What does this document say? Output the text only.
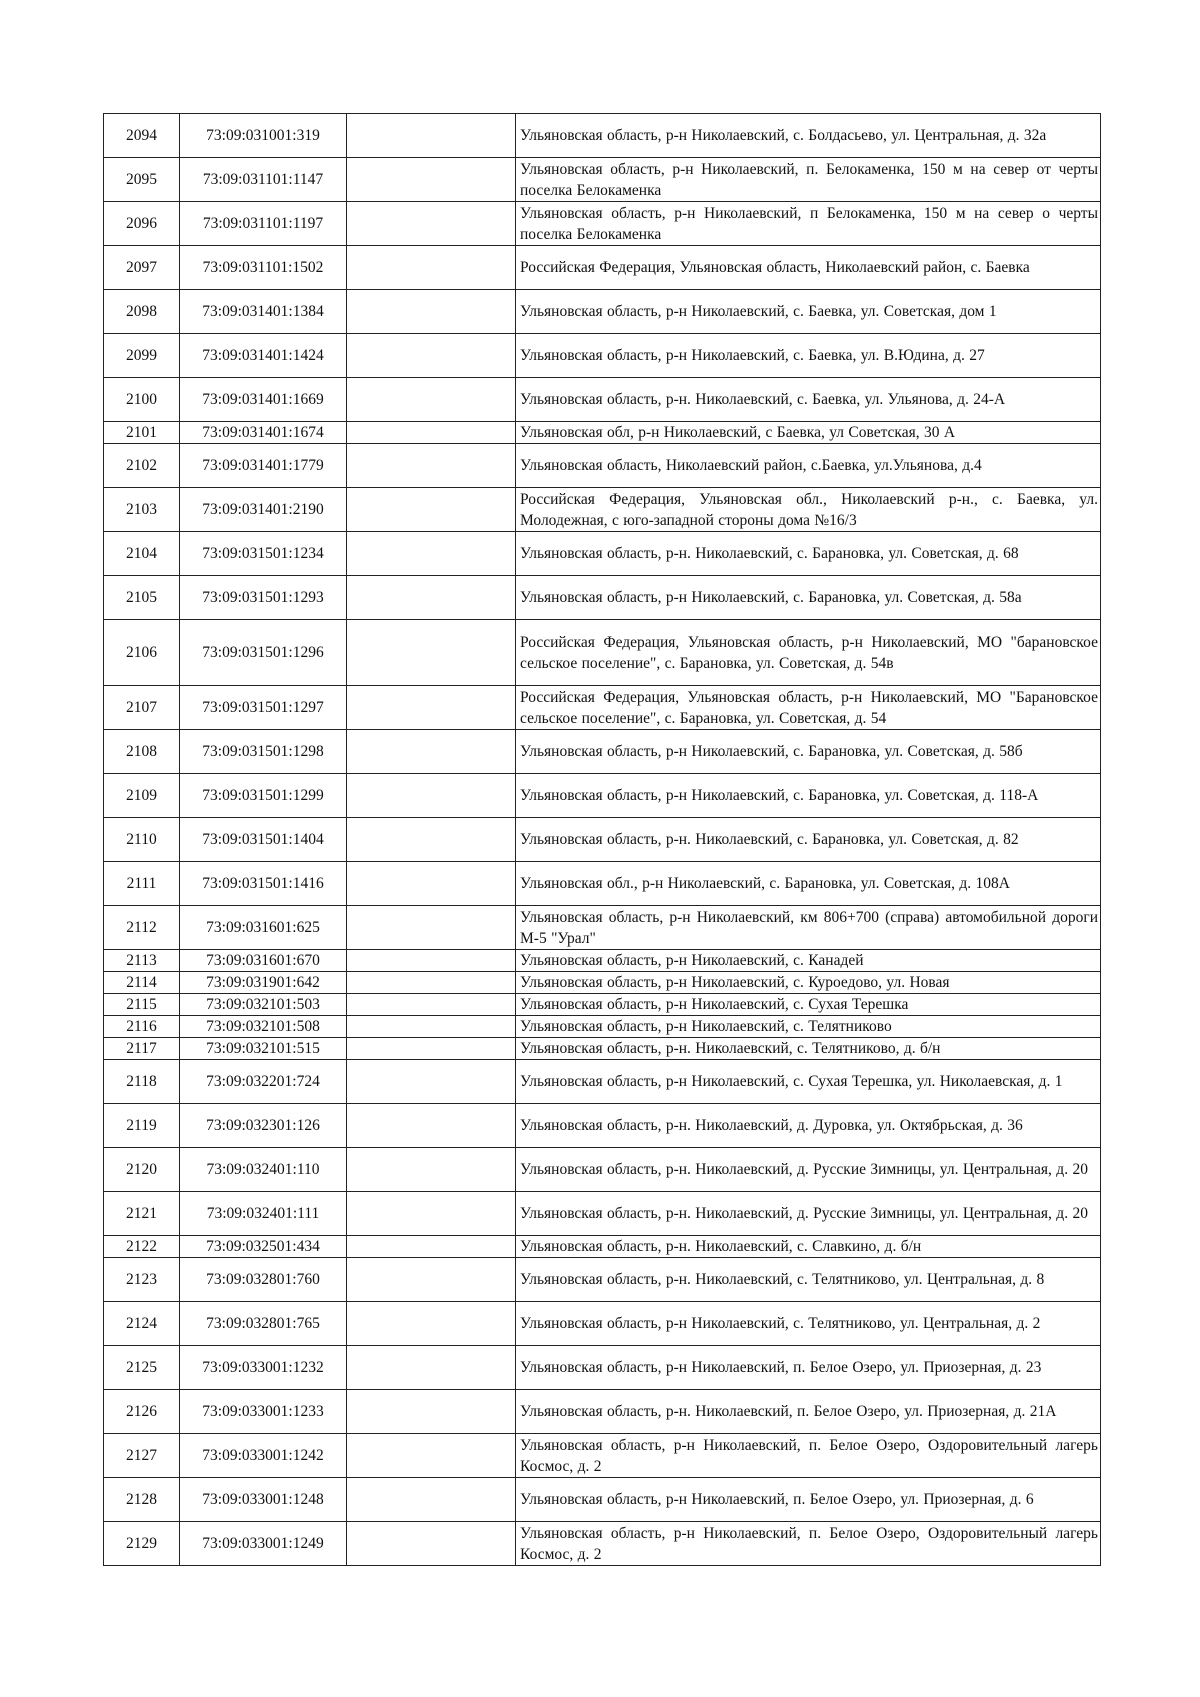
2094	73:09:031001:319		Ульяновская область, р-н Николаевский, с. Болдасьево, ул. Центральная, д. 32а
2095	73:09:031101:1147		Ульяновская область, р-н Николаевский, п. Белокаменка, 150 м на север от черты поселка Белокаменка
2096	73:09:031101:1197		Ульяновская область, р-н Николаевский, п Белокаменка, 150 м на север о черты поселка Белокаменка
2097	73:09:031101:1502		Российская Федерация, Ульяновская область, Николаевский район, с. Баевка
2098	73:09:031401:1384		Ульяновская область, р-н Николаевский, с. Баевка, ул. Советская, дом 1
2099	73:09:031401:1424		Ульяновская область, р-н Николаевский, с. Баевка, ул. В.Юдина, д. 27
2100	73:09:031401:1669		Ульяновская область, р-н. Николаевский, с. Баевка, ул. Ульянова, д. 24-А
2101	73:09:031401:1674		Ульяновская обл, р-н Николаевский, с Баевка, ул Советская, 30 А
2102	73:09:031401:1779		Ульяновская область, Николаевский район, с.Баевка, ул.Ульянова, д.4
2103	73:09:031401:2190		Российская Федерация, Ульяновская обл., Николаевский р-н., с. Баевка, ул. Молодежная, с юго-западной стороны дома №16/3
2104	73:09:031501:1234		Ульяновская область, р-н. Николаевский, с. Барановка, ул. Советская, д. 68
2105	73:09:031501:1293		Ульяновская область, р-н Николаевский, с. Барановка, ул. Советская, д. 58а
2106	73:09:031501:1296		Российская Федерация, Ульяновская область, р-н Николаевский, МО "барановское сельское поселение", с. Барановка, ул. Советская, д. 54в
2107	73:09:031501:1297		Российская Федерация, Ульяновская область, р-н Николаевский, МО "Барановское сельское поселение", с. Барановка, ул. Советская, д. 54
2108	73:09:031501:1298		Ульяновская область, р-н Николаевский, с. Барановка, ул. Советская, д. 58б
2109	73:09:031501:1299		Ульяновская область, р-н Николаевский, с. Барановка, ул. Советская, д. 118-А
2110	73:09:031501:1404		Ульяновская область, р-н. Николаевский, с. Барановка, ул. Советская, д. 82
2111	73:09:031501:1416		Ульяновская обл., р-н Николаевский, с. Барановка, ул. Советская, д. 108А
2112	73:09:031601:625		Ульяновская область, р-н Николаевский, км 806+700 (справа) автомобильной дороги М-5 "Урал"
2113	73:09:031601:670		Ульяновская область, р-н Николаевский, с. Канадей
2114	73:09:031901:642		Ульяновская область, р-н Николаевский, с. Куроедово, ул. Новая
2115	73:09:032101:503		Ульяновская область, р-н Николаевский, с. Сухая Терешка
2116	73:09:032101:508		Ульяновская область, р-н Николаевский, с. Телятниково
2117	73:09:032101:515		Ульяновская область, р-н. Николаевский, с. Телятниково, д. б/н
2118	73:09:032201:724		Ульяновская область, р-н Николаевский, с. Сухая Терешка, ул. Николаевская, д. 1
2119	73:09:032301:126		Ульяновская область, р-н. Николаевский, д. Дуровка, ул. Октябрьская, д. 36
2120	73:09:032401:110		Ульяновская область, р-н. Николаевский, д. Русские Зимницы, ул. Центральная, д. 20
2121	73:09:032401:111		Ульяновская область, р-н. Николаевский, д. Русские Зимницы, ул. Центральная, д. 20
2122	73:09:032501:434		Ульяновская область, р-н. Николаевский, с. Славкино, д. б/н
2123	73:09:032801:760		Ульяновская область, р-н. Николаевский, с. Телятниково, ул. Центральная, д. 8
2124	73:09:032801:765		Ульяновская область, р-н Николаевский, с. Телятниково, ул. Центральная, д. 2
2125	73:09:033001:1232		Ульяновская область, р-н Николаевский, п. Белое Озеро, ул. Приозерная, д. 23
2126	73:09:033001:1233		Ульяновская область, р-н. Николаевский, п. Белое Озеро, ул. Приозерная, д. 21А
2127	73:09:033001:1242		Ульяновская область, р-н Николаевский, п. Белое Озеро, Оздоровительный лагерь Космос, д. 2
2128	73:09:033001:1248		Ульяновская область, р-н Николаевский, п. Белое Озеро, ул. Приозерная, д. 6
2129	73:09:033001:1249		Ульяновская область, р-н Николаевский, п. Белое Озеро, Оздоровительный лагерь Космос, д. 2
